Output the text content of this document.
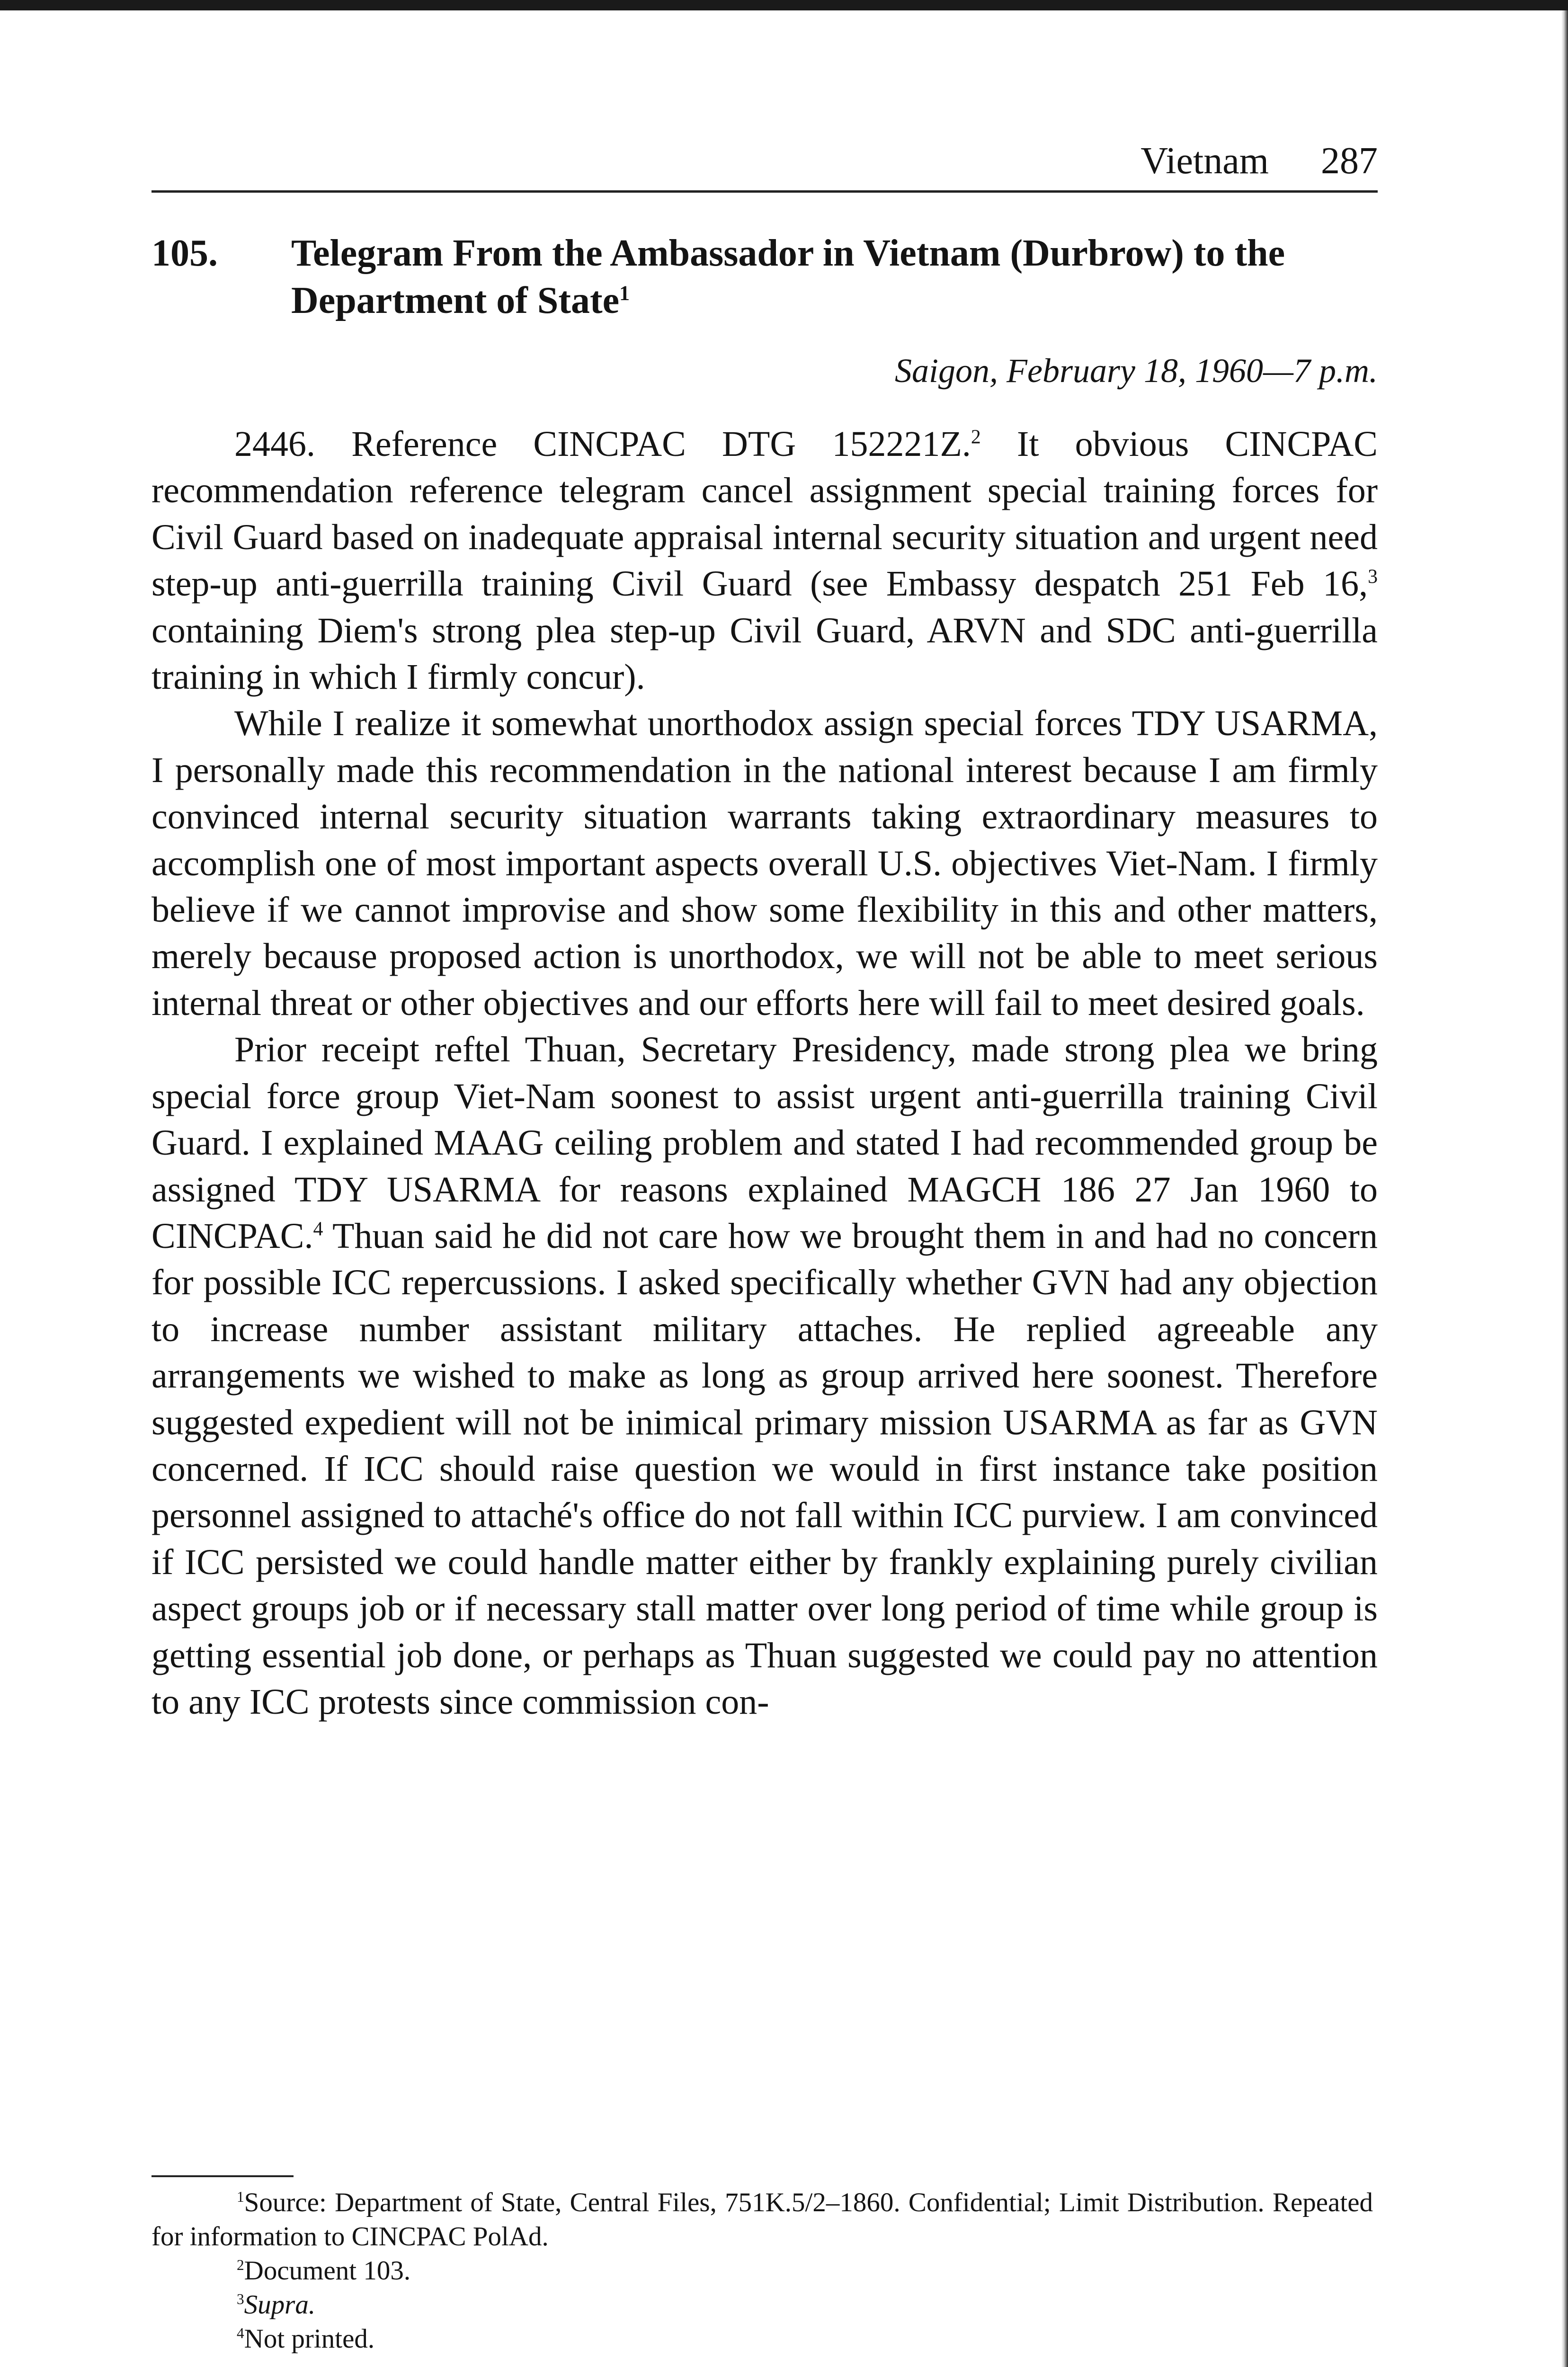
Vietnam 287
105.	Telegram From the Ambassador in Vietnam (Durbrow) to the Department of State$^1$
Saigon, February 18, 1960—7 p.m.

2446. Reference CINCPAC DTG 152221Z.$^2$ It obvious CINCPAC recommendation reference telegram cancel assignment special training forces for Civil Guard based on inadequate appraisal internal security situation and urgent need step-up anti-guerrilla training Civil Guard (see Embassy despatch 251 Feb 16,$^3$ containing Diem's strong plea step-up Civil Guard, ARVN and SDC anti-guerrilla training in which I firmly concur).

While I realize it somewhat unorthodox assign special forces TDY USARMA, I personally made this recommendation in the national interest because I am firmly convinced internal security situation warrants taking extraordinary measures to accomplish one of most important aspects overall U.S. objectives Viet-Nam. I firmly believe if we cannot improvise and show some flexibility in this and other matters, merely because proposed action is unorthodox, we will not be able to meet serious internal threat or other objectives and our efforts here will fail to meet desired goals.

Prior receipt reftel Thuan, Secretary Presidency, made strong plea we bring special force group Viet-Nam soonest to assist urgent anti-guerrilla training Civil Guard. I explained MAAG ceiling problem and stated I had recommended group be assigned TDY USARMA for reasons explained MAGCH 186 27 Jan 1960 to CINCPAC.$^4$ Thuan said he did not care how we brought them in and had no concern for possible ICC repercussions. I asked specifically whether GVN had any objection to increase number assistant military attaches. He replied agreeable any arrangements we wished to make as long as group arrived here soonest. Therefore suggested expedient will not be inimical primary mission USARMA as far as GVN concerned. If ICC should raise question we would in first instance take position personnel assigned to attaché's office do not fall within ICC purview. I am convinced if ICC persisted we could handle matter either by frankly explaining purely civilian aspect groups job or if necessary stall matter over long period of time while group is getting essential job done, or perhaps as Thuan suggested we could pay no attention to any ICC protests since commission con-

$^1$Source: Department of State, Central Files, 751K.5/2–1860. Confidential; Limit Distribution. Repeated for information to CINCPAC PolAd.

$^2$Document 103.

$^3$Supra.

$^4$Not printed.
